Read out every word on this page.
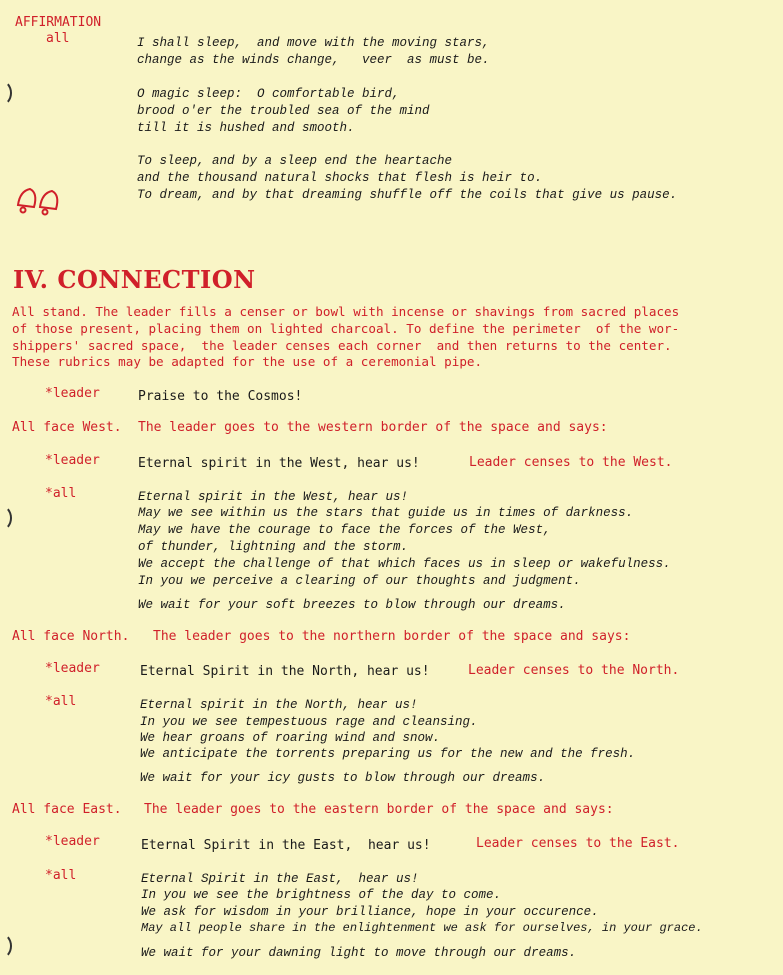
AFFIRMATION
all	I shall sleep,  and move with the moving stars,
change as the winds change,   veer  as must be.
O magic sleep:  O comfortable bird,
brood o'er the troubled sea of the mind
till it is hushed and smooth.
To sleep, and by a sleep end the heartache
and the thousand natural shocks that flesh is heir to.
To dream, and by that dreaming shuffle off the coils that give us pause.
IV. CONNECTION
All stand. The leader fills a censer or bowl with incense or shavings from sacred places
of those present, placing them on lighted charcoal. To define the perimeter  of the wor-
shippers' sacred space,  the leader censes each corner  and then returns to the center.
These rubrics may be adapted for the use of a ceremonial pipe.
*leader	Praise to the Cosmos!
All face West. The leader goes to the western border of the space and says:
*leader	Eternal spirit in the West, hear us!	Leader censes to the West.
*all	Eternal spirit in the West, hear us!
May we see within us the stars that guide us in times of darkness.
May we have the courage to face the forces of the West,
of thunder, lightning and the storm.
We accept the challenge of that which faces us in sleep or wakefulness.
In you we perceive a clearing of our thoughts and judgment.
We wait for your soft breezes to blow through our dreams.
All face North. The leader goes to the northern border of the space and says:
*leader	Eternal Spirit in the North, hear us!	Leader censes to the North.
*all	Eternal spirit in the North, hear us!
In you we see tempestuous rage and cleansing.
We hear groans of roaring wind and snow.
We anticipate the torrents preparing us for the new and the fresh.
We wait for your icy gusts to blow through our dreams.
All face East. The leader goes to the eastern border of the space and says:
*leader	Eternal Spirit in the East,  hear us!	Leader censes to the East.
*all	Eternal Spirit in the East,  hear us!
In you we see the brightness of the day to come.
We ask for wisdom in your brilliance, hope in your occurence.
May all people share in the enlightenment we ask for ourselves, in your grace.
We wait for your dawning light to move through our dreams.
